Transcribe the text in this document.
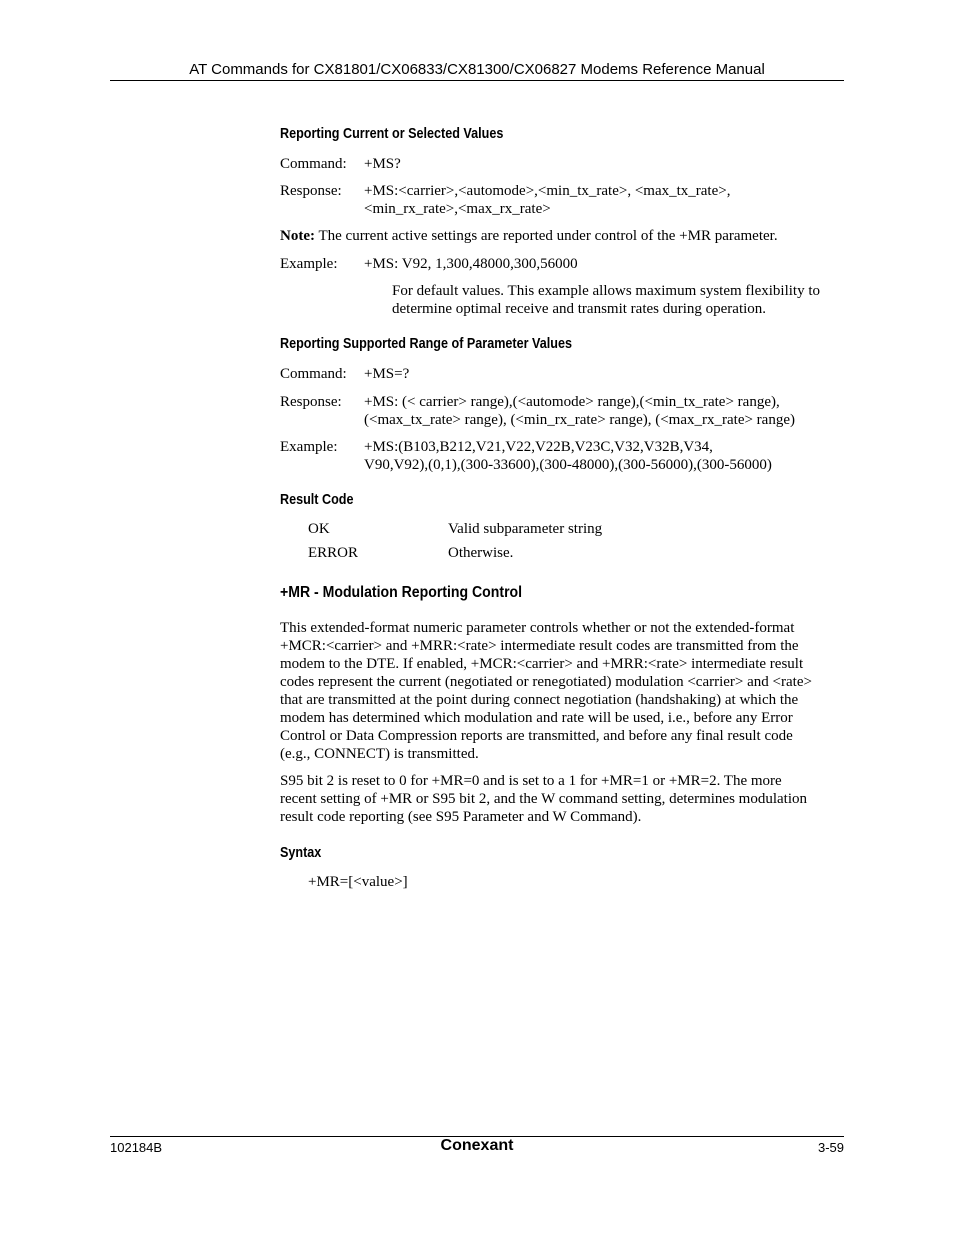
AT Commands for CX81801/CX06833/CX81300/CX06827 Modems Reference Manual
Reporting Current or Selected Values
Command: +MS?
Response: +MS:<carrier>,<automode>,<min_tx_rate>, <max_tx_rate>,
<min_rx_rate>,<max_rx_rate>
Note: The current active settings are reported under control of the +MR parameter.
Example: +MS: V92, 1,300,48000,300,56000
For default values. This example allows maximum system flexibility to
determine optimal receive and transmit rates during operation.
Reporting Supported Range of Parameter Values
Command: +MS=?
Response: +MS: (< carrier> range),(<automode> range),(<min_tx_rate> range),
(<max_tx_rate> range), (<min_rx_rate> range), (<max_rx_rate> range)
Example: +MS:(B103,B212,V21,V22,V22B,V23C,V32,V32B,V34,
V90,V92),(0,1),(300-33600),(300-48000),(300-56000),(300-56000)
Result Code
OK	Valid subparameter string
ERROR	Otherwise.
+MR - Modulation Reporting Control
This extended-format numeric parameter controls whether or not the extended-format
+MCR:<carrier> and +MRR:<rate> intermediate result codes are transmitted from the
modem to the DTE. If enabled, +MCR:<carrier> and +MRR:<rate> intermediate result
codes represent the current (negotiated or renegotiated) modulation <carrier> and <rate>
that are transmitted at the point during connect negotiation (handshaking) at which the
modem has determined which modulation and rate will be used, i.e., before any Error
Control or Data Compression reports are transmitted, and before any final result code
(e.g., CONNECT) is transmitted.
S95 bit 2 is reset to 0 for +MR=0 and is set to a 1 for +MR=1 or +MR=2. The more
recent setting of +MR or S95 bit 2, and the W command setting, determines modulation
result code reporting (see S95 Parameter and W Command).
Syntax
+MR=[<value>]
102184B	Conexant	3-59
